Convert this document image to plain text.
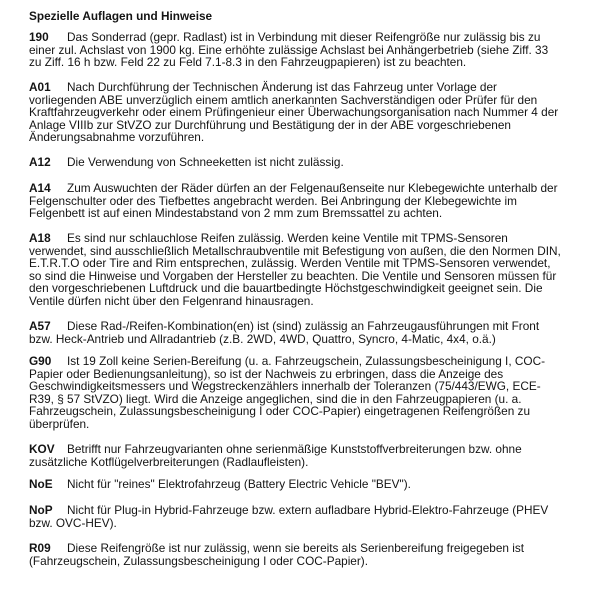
Spezielle Auflagen und Hinweise
190 Das Sonderrad (gepr. Radlast) ist in Verbindung mit dieser Reifengröße nur zulässig bis zu
einer zul. Achslast von 1900 kg. Eine erhöhte zulässige Achslast bei Anhängerbetrieb (siehe Ziff. 33
zu Ziff. 16 h bzw. Feld 22 zu Feld 7.1-8.3 in den Fahrzeugpapieren) ist zu beachten.
A01 Nach Durchführung der Technischen Änderung ist das Fahrzeug unter Vorlage der
vorliegenden ABE unverzüglich einem amtlich anerkannten Sachverständigen oder Prüfer für den
Kraftfahrzeugverkehr oder einem Prüfingenieur einer Überwachungsorganisation nach Nummer 4 der
Anlage VIIIb zur StVZO zur Durchführung und Bestätigung der in der ABE vorgeschriebenen
Änderungsabnahme vorzuführen.
A12 Die Verwendung von Schneeketten ist nicht zulässig.
A14 Zum Auswuchten der Räder dürfen an der Felgenaußenseite nur Klebegewichte unterhalb der
Felgenschulter oder des Tiefbettes angebracht werden. Bei Anbringung der Klebegewichte im
Felgenbett ist auf einen Mindestabstand von 2 mm zum Bremssattel zu achten.
A18 Es sind nur schlauchlose Reifen zulässig. Werden keine Ventile mit TPMS-Sensoren
verwendet, sind ausschließlich Metallschraubventile mit Befestigung von außen, die den Normen DIN,
E.T.R.T.O oder Tire and Rim entsprechen, zulässig. Werden Ventile mit TPMS-Sensoren verwendet,
so sind die Hinweise und Vorgaben der Hersteller zu beachten. Die Ventile und Sensoren müssen für
den vorgeschriebenen Luftdruck und die bauartbedingte Höchstgeschwindigkeit geeignet sein. Die
Ventile dürfen nicht über den Felgenrand hinausragen.
A57 Diese Rad-/Reifen-Kombination(en) ist (sind) zulässig an Fahrzeugausführungen mit Front
bzw. Heck-Antrieb und Allradantrieb (z.B. 2WD, 4WD, Quattro, Syncro, 4-Matic, 4x4, o.ä.)
G90 Ist 19 Zoll keine Serien-Bereifung (u. a. Fahrzeugschein, Zulassungsbescheinigung I, COC-
Papier oder Bedienungsanleitung), so ist der Nachweis zu erbringen, dass die Anzeige des
Geschwindigkeitsmessers und Wegstreckenzählers innerhalb der Toleranzen (75/443/EWG, ECE-
R39, § 57 StVZO) liegt. Wird die Anzeige angeglichen, sind die in den Fahrzeugpapieren (u. a.
Fahrzeugschein, Zulassungsbescheinigung I oder COC-Papier) eingetragenen Reifengrößen zu
überprüfen.
KOV Betrifft nur Fahrzeugvarianten ohne serienmäßige Kunststoffverbreiterungen bzw. ohne
zusätzliche Kotflügelverbreiterungen (Radlaufleisten).
NoE Nicht für "reines" Elektrofahrzeug (Battery Electric Vehicle "BEV").
NoP Nicht für Plug-in Hybrid-Fahrzeuge bzw. extern aufladbare Hybrid-Elektro-Fahrzeuge (PHEV
bzw. OVC-HEV).
R09 Diese Reifengröße ist nur zulässig, wenn sie bereits als Serienbereifung freigegeben ist
(Fahrzeugschein, Zulassungsbescheinigung I oder COC-Papier).
